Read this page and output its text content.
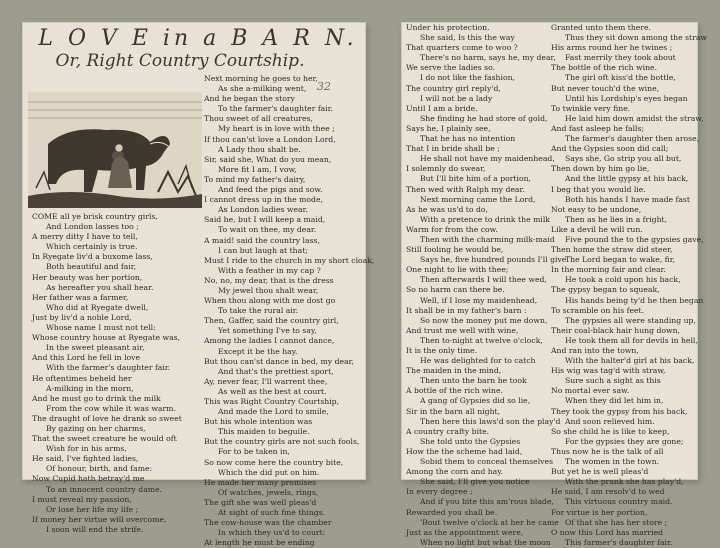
L O V E in a B A R N.
Or, Right Country Courtship.
32
COME all ye brisk country girls,
And London lasses too ;
A merry ditty I have to tell,
Which certainly is true.
In Ryegate liv'd a buxome lass,
Both beautiful and fair,
Her beauty was her portion,
As hereafter you shall hear.
Her father was a farmer,
Who did at Ryegate dwell,
Just by liv'd a noble Lord,
Whose name I must not tell:
Whose country house at Ryegate was,
In the sweet pleasant air,
And this Lord he fell in love
With the farmer's daughter fair.
He oftentimes beheld her
A-milking in the morn,
And he must go to drink the milk
From the cow while it was warm.
The draught of love he drank so sweet
By gazing on her charms,
That the sweet creature he would oft
Wish for in his arms,
He said, I've fighted ladies,
Of honour, birth, and fame:
Now Cupid hath betray'd me
To an innocent country dame.
I must reveal my passion,
Or lose her life my life ;
If money her virtue will overcome,
I soon will end the strife.
Next morning he goes to her,
As she a-milking went,
And he began the story
To the farmer's daughter fair.
Thou sweet of all creatures,
My heart is in love with thee ;
If thou can'st love a London Lord,
A Lady thou shalt be.
Sir, said she, What do you mean,
More fit I am, I vow,
To mind my father's dairy,
And feed the pigs and sow.
I cannot dress up in the mode,
As London ladies wear.
Said he, but I will keep a maid,
To wait on thee, my dear.
A maid! said the country lass,
I can but laugh at that;
Must I ride to the church in my short cloak,
With a feather in my cap ?
No, no, my dear, that is the dress
My jewel thou shalt wear,
When thou along with me dost go
To take the rural air.
Then, Gaffer, said the country girl,
Yet something I've to say,
Among the ladies I cannot dance,
Except it be the hay.
But thou can'st dance in bed, my dear,
And that's the prettiest sport,
Ay, never fear, I'll warrent thee,
As well as the best at court.
This was Right Country Courtship,
And made the Lord to smile,
But his whole intention was
This maiden to beguile.
But the country girls are not such fools,
For to be taken in,
So now come here the country bite,
Which the did put on him.
He made her many promises
Of watches, jewels, rings,
The gift she was well pleas'd
At sight of such fine things.
The cow-house was the chamber
In which they us'd to court:
At length he must be ending
Under his protection.
She said, Is this the way
That quarters come to woo ?
There's no harm, says he, my dear,
We serve the ladies so.
I do not like the fashion,
The country girl reply'd,
I will not be a lady
Until I am a bride.
She finding he had store of gold,
Says he, I plainly see,
That he has no intention
That I in bride shall be ;
He shall not have my maidenhead,
I solemnly do swear,
But I'll bite him of a portion,
Then wed with Ralph my dear.
Next morning came the Lord,
As he was us'd to do,
With a pretence to drink the milk
Warm for from the cow.
Then with the charming milk-maid
Still fooling he would be,
Says he, five hundred pounds I'll give
One night to lie with thee;
Then afterwards I will thee wed,
So no harm can there be.
Well, if I lose my maidenhead,
It shall be in my father's barn :
So now the money put me down,
And trust me well with wine,
Then to-night at twelve o'clock,
It is the only time.
He was delighted for to catch
The maiden in the mind,
Then unto the barn he took
A bottle of the rich wine.
A gang of Gypsies did so lie,
Sir in the barn all night,
Then here this laws'd son the play'd
A country crafty bite.
She told unto the Gypsies
How the the scheme had laid,
Sobid them to conceal themselves
Among the corn and hay.
She said, I'll give you notice
In every degree ;
And if you bite this am'rous blade,
Rewarded you shall be.
'Bout twelve o'clock at her he came
Just as the appointment were,
When no light but what the moon
Granted unto them there.
Thus they sit down among the straw
His arms round her he twines ;
Fast merrily they took about
The bottle of the rich wine.
The girl oft kiss'd the bottle,
But never touch'd the wine,
Until his Lordship's eyes began
To twinkle very fine.
He laid him down amidst the straw,
And fast asleep he falls;
The farmer's daughter then arose,
And the Gypsies soon did call;
Says she, Go strip you all but,
Then down by him go lie,
And the little gypsy at his back,
I beg that you would lie.
Both his hands I have made fast
Not easy to be undone,
Then as he lies in a fright,
Like a devil he will run.
Five pound the to the gypsies gave,
Then home the straw did steer,
The Lord began to wake, fir,
In the morning fair and clear.
He took a cold upon his back,
The gypsy began to squeak,
His hands being ty'd he then began
To scramble on his feet.
The gypsies all were standing up,
Their coal-black hair hung down,
He took them all for devils in hell,
And ran into the town,
With the halter'd girl at his back,
His wig was tag'd with straw,
Sure such a sight as this
No mortal ever saw.
When they did let him in,
They took the gypsy from his back,
And soon relieved him.
So she child he is like to keep,
For the gypsies they are gone;
Thus now he is the talk of all
The women in the town.
But yet he is well pleas'd
With the prank she has play'd,
He said, I am resolv'd to wed
This virtuous country maid.
For virtue is her portion,
Of that she has her store ;
O now this Lord has married
This farmer's daughter fair.
